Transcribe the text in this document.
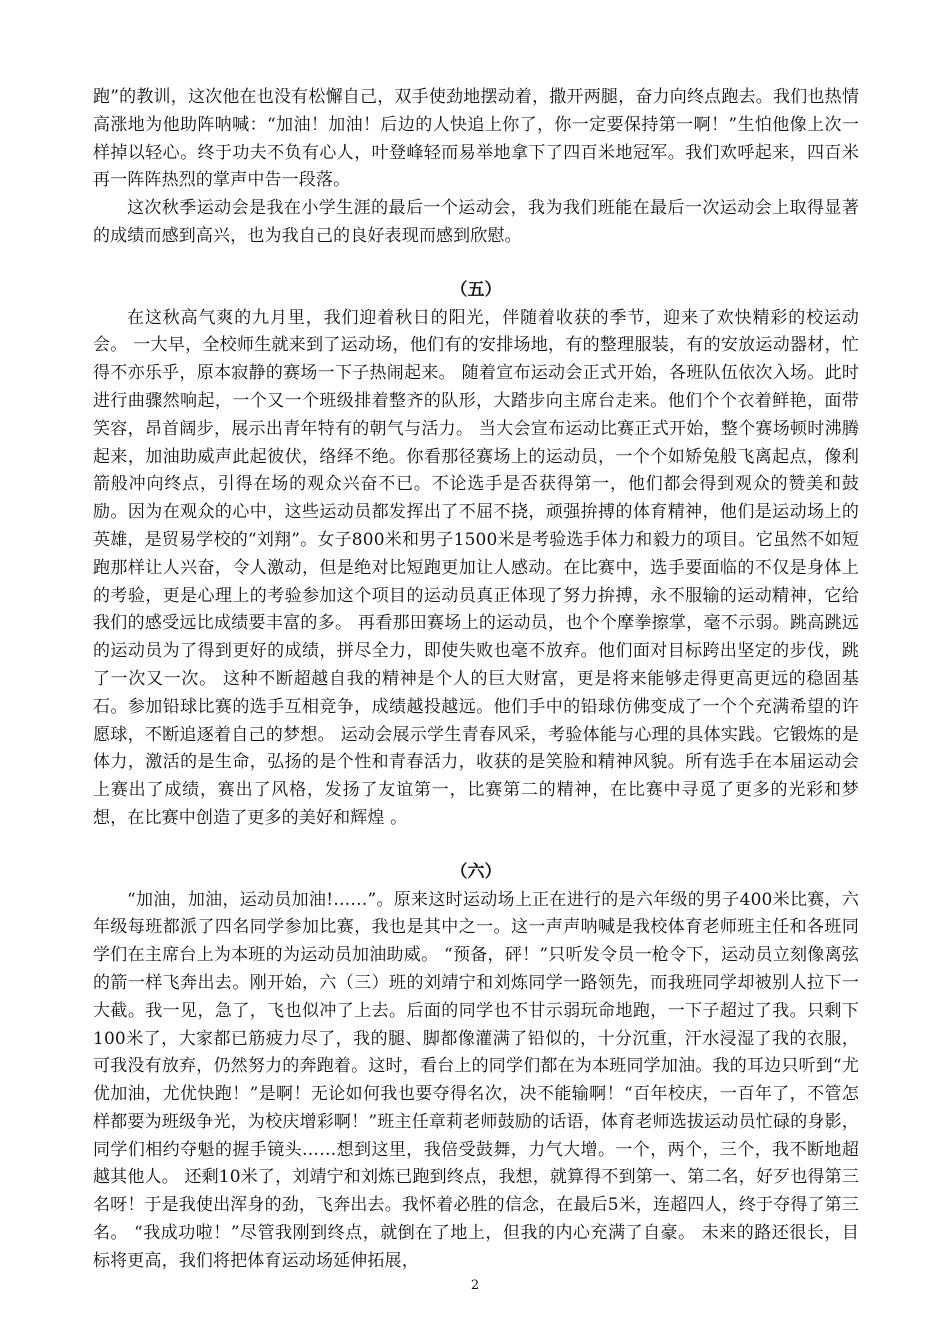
跑”的教训，这次他在也没有松懈自己，双手使劲地摆动着，撒开两腿，奋力向终点跑去。我们也热情高涨地为他助阵呐喊：“加油！加油！后边的人快追上你了，你一定要保持第一啊！”生怕他像上次一样掉以轻心。终于功夫不负有心人，叶登峰轻而易举地拿下了四百米地冠军。我们欢呼起来，四百米再一阵阵热烈的掌声中告一段落。

这次秋季运动会是我在小学生涯的最后一个运动会，我为我们班能在最后一次运动会上取得显著的成绩而感到高兴，也为我自己的良好表现而感到欣慰。

（五）

在这秋高气爽的九月里，我们迎着秋日的阳光，伴随着收获的季节，迎来了欢快精彩的校运动会。 一大早，全校师生就来到了运动场，他们有的安排场地，有的整理服装，有的安放运动器材，忙得不亦乐乎，原本寂静的赛场一下子热闹起来。 随着宣布运动会正式开始，各班队伍依次入场。此时进行曲骤然响起，一个又一个班级排着整齐的队形，大踏步向主席台走来。他们个个衣着鲜艳，面带笑容，昂首阔步，展示出青年特有的朝气与活力。 当大会宣布运动比赛正式开始，整个赛场顿时沸腾起来，加油助威声此起彼伏，络绎不绝。你看那径赛场上的运动员，一个个如矫兔般飞离起点，像利箭般冲向终点，引得在场的观众兴奋不已。不论选手是否获得第一，他们都会得到观众的赞美和鼓励。因为在观众的心中，这些运动员都发挥出了不屈不挠，顽强拚搏的体育精神，他们是运动场上的英雄，是贸易学校的“刘翔”。女子800米和男子1500米是考验选手体力和毅力的项目。它虽然不如短跑那样让人兴奋，令人激动，但是绝对比短跑更加让人感动。在比赛中，选手要面临的不仅是身体上的考验，更是心理上的考验参加这个项目的运动员真正体现了努力拚搏，永不服输的运动精神，它给我们的感受远比成绩要丰富的多。 再看那田赛场上的运动员，也个个摩拳擦掌，毫不示弱。跳高跳远的运动员为了得到更好的成绩，拼尽全力，即使失败也毫不放弃。他们面对目标跨出坚定的步伐，跳了一次又一次。 这种不断超越自我的精神是个人的巨大财富，更是将来能够走得更高更远的稳固基石。参加铅球比赛的选手互相竞争，成绩越投越远。他们手中的铅球仿佛变成了一个个充满希望的许愿球，不断追逐着自己的梦想。 运动会展示学生青春风采，考验体能与心理的具体实践。它锻炼的是体力，激活的是生命，弘扬的是个性和青春活力，收获的是笑脸和精神风貌。所有选手在本届运动会上赛出了成绩，赛出了风格，发扬了友谊第一，比赛第二的精神，在比赛中寻觅了更多的光彩和梦想，在比赛中创造了更多的美好和辉煌 。

（六）

“加油，加油，运动员加油!……”。原来这时运动场上正在进行的是六年级的男子400米比赛，六年级每班都派了四名同学参加比赛，我也是其中之一。这一声声呐喊是我校体育老师班主任和各班同学们在主席台上为本班的为运动员加油助威。 “预备，砰！”只听发令员一枪令下，运动员立刻像离弦的箭一样飞奔出去。刚开始，六（三）班的刘靖宁和刘炼同学一路领先，而我班同学却被别人拉下一大截。我一见，急了，飞也似冲了上去。后面的同学也不甘示弱玩命地跑，一下子超过了我。只剩下100米了，大家都已筋疲力尽了，我的腿、脚都像灌满了铅似的，十分沉重，汗水浸湿了我的衣服，可我没有放弃，仍然努力的奔跑着。这时，看台上的同学们都在为本班同学加油。我的耳边只听到“尤优加油，尤优快跑！”是啊！无论如何我也要夺得名次，决不能输啊！“百年校庆，一百年了，不管怎样都要为班级争光，为校庆增彩啊！”班主任章莉老师鼓励的话语，体育老师选拔运动员忙碌的身影，同学们相约夺魁的握手镜头……想到这里，我倍受鼓舞，力气大增。一个，两个，三个，我不断地超越其他人。 还剩10米了，刘靖宁和刘炼已跑到终点，我想，就算得不到第一、第二名，好歹也得第三名呀！于是我使出浑身的劲，飞奔出去。我怀着必胜的信念，在最后5米，连超四人，终于夺得了第三名。 “我成功啦！”尽管我刚到终点，就倒在了地上，但我的内心充满了自豪。 未来的路还很长，目标将更高，我们将把体育运动场延伸拓展，

2
